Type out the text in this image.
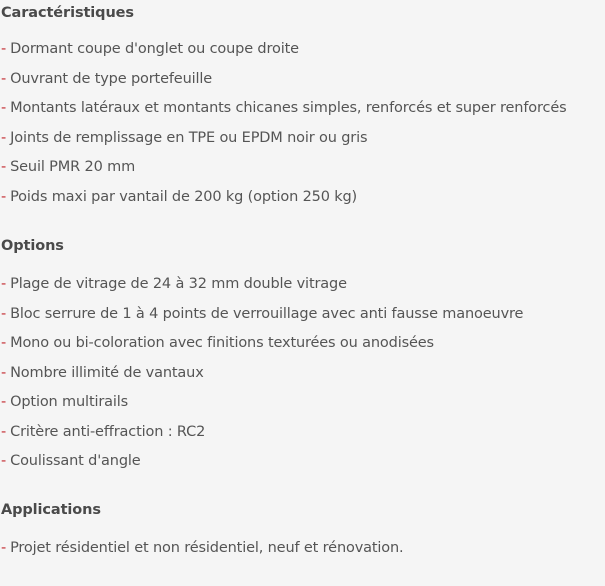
Caractéristiques
- Dormant coupe d'onglet ou coupe droite
- Ouvrant de type portefeuille
- Montants latéraux et montants chicanes simples, renforcés et super renforcés
- Joints de remplissage en TPE ou EPDM noir ou gris
- Seuil PMR 20 mm
- Poids maxi par vantail de 200 kg (option 250 kg)
Options
- Plage de vitrage de 24 à 32 mm double vitrage
- Bloc serrure de 1 à 4 points de verrouillage avec anti fausse manoeuvre
- Mono ou bi-coloration avec finitions texturées ou anodisées
- Nombre illimité de vantaux
- Option multirails
- Critère anti-effraction : RC2
- Coulissant d'angle
Applications
- Projet résidentiel et non résidentiel, neuf et rénovation.
